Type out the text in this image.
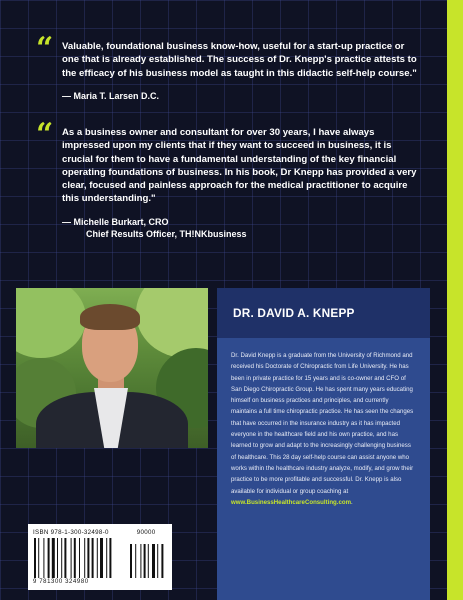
“ Valuable, foundational business know-how, useful for a start-up practice or one that is already established. The success of Dr. Knepp's practice attests to the efficacy of his business model as taught in this didactic self-help course."
— Maria T. Larsen D.C.
“ As a business owner and consultant for over 30 years, I have always impressed upon my clients that if they want to succeed in business, it is crucial for them to have a fundamental understanding of the key financial operating foundations of business. In his book, Dr Knepp has provided a very clear, focused and painless approach for the medical practitioner to acquire this understanding."
— Michelle Burkart, CRO
Chief Results Officer, TH!NKbusiness
DR. DAVID A. KNEPP
Dr. David Knepp is a graduate from the University of Richmond and received his Doctorate of Chiropractic from Life University. He has been in private practice for 15 years and is co-owner and CFO of San Diego Chiropractic Group. He has spent many years educating himself on business practices and principles, and currently maintains a full time chiropractic practice. He has seen the changes that have occurred in the insurance industry as it has impacted everyone in the healthcare field and his own practice, and has learned to grow and adapt to the increasingly challenging business of healthcare. This 28 day self-help course can assist anyone who works within the healthcare industry analyze, modify, and grow their practice to be more profitable and successful. Dr. Knepp is also available for individual or group coaching at www.BusinessHealthcareConsulting.com.
ISBN 978-1-300-32498-0	90000
9 781300 324980
